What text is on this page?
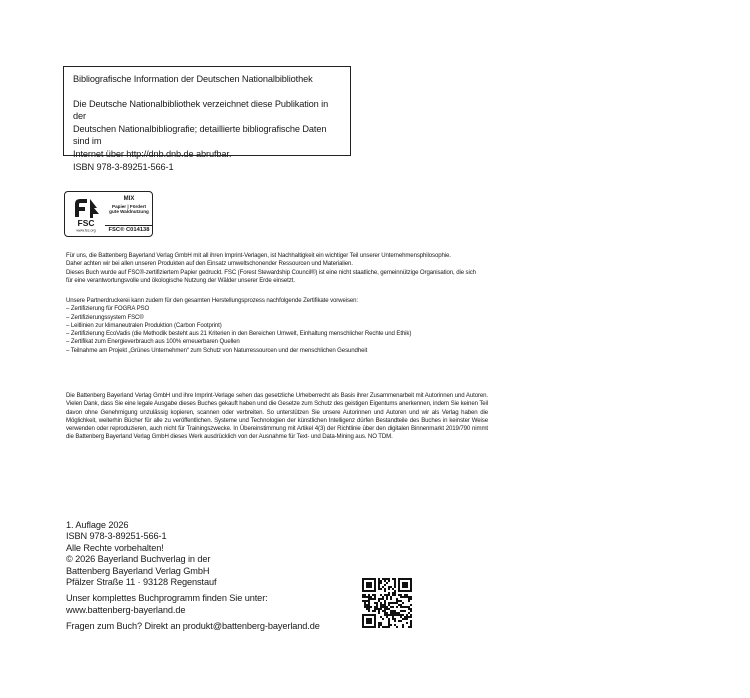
Bibliografische Information der Deutschen Nationalbibliothek

Die Deutsche Nationalbibliothek verzeichnet diese Publikation in der

Deutschen Nationalbibliografie; detaillierte bibliografische Daten sind im

Internet über http://dnb.dnb.de abrufbar.

ISBN 978-3-89251-566-1

FSC
www.fsc.org
MIX
Papier | Fördert
gute Waldnutzung
FSC® C014138

Für uns, die Battenberg Bayerland Verlag GmbH mit all ihren Imprint-Verlagen, ist Nachhaltigkeit ein wichtiger Teil unserer Unternehmensphilosophie.

Daher achten wir bei allen unseren Produkten auf den Einsatz umweltschonender Ressourcen und Materialien.

Dieses Buch wurde auf FSC®-zertifiziertem Papier gedruckt. FSC (Forest Stewardship Council®) ist eine nicht staatliche, gemeinnützige Organisation, die sich

für eine verantwortungsvolle und ökologische Nutzung der Wälder unserer Erde einsetzt.

Unsere Partnerdruckerei kann zudem für den gesamten Herstellungsprozess nachfolgende Zertifikate vorweisen:

– Zertifizierung für FOGRA PSO

– Zertifizierungssystem FSC®

– Leitlinien zur klimaneutralen Produktion (Carbon Footprint)

– Zertifizierung EcoVadis (die Methodik besteht aus 21 Kriterien in den Bereichen Umwelt, Einhaltung menschlicher Rechte und Ethik)

– Zertifikat zum Energieverbrauch aus 100% erneuerbaren Quellen

– Teilnahme am Projekt „Grünes Unternehmen“ zum Schutz von Naturressourcen und der menschlichen Gesundheit

Die Battenberg Bayerland Verlag GmbH und ihre Imprint-Verlage sehen das gesetzliche Urheberrecht als Basis ihrer Zusammenarbeit mit Autorinnen und Autoren. Vielen Dank, dass Sie eine legale Ausgabe dieses Buches gekauft haben und die Gesetze zum Schutz des geistigen Eigentums anerkennen, indem Sie keinen Teil davon ohne Genehmigung unzulässig kopieren, scannen oder verbreiten. So unterstützen Sie unsere Autorinnen und Autoren und wir als Verlag haben die Möglichkeit, weiterhin Bücher für alle zu veröffentlichen. Systeme und Technologien der künstlichen Intelligenz dürfen Bestandteile des Buches in keinster Weise verwenden oder reproduzieren, auch nicht für Trainingszwecke. In Übereinstimmung mit Artikel 4(3) der Richtlinie über den digitalen Binnenmarkt 2019/790 nimmt die Battenberg Bayerland Verlag GmbH dieses Werk ausdrücklich von der Ausnahme für Text- und Data-Mining aus. NO TDM.

1. Auflage 2026

ISBN 978-3-89251-566-1

Alle Rechte vorbehalten!

© 2026 Bayerland Buchverlag in der

Battenberg Bayerland Verlag GmbH

Pfälzer Straße 11 · 93128 Regenstauf

Unser komplettes Buchprogramm finden Sie unter:

www.battenberg-bayerland.de

Fragen zum Buch? Direkt an produkt@battenberg-bayerland.de
